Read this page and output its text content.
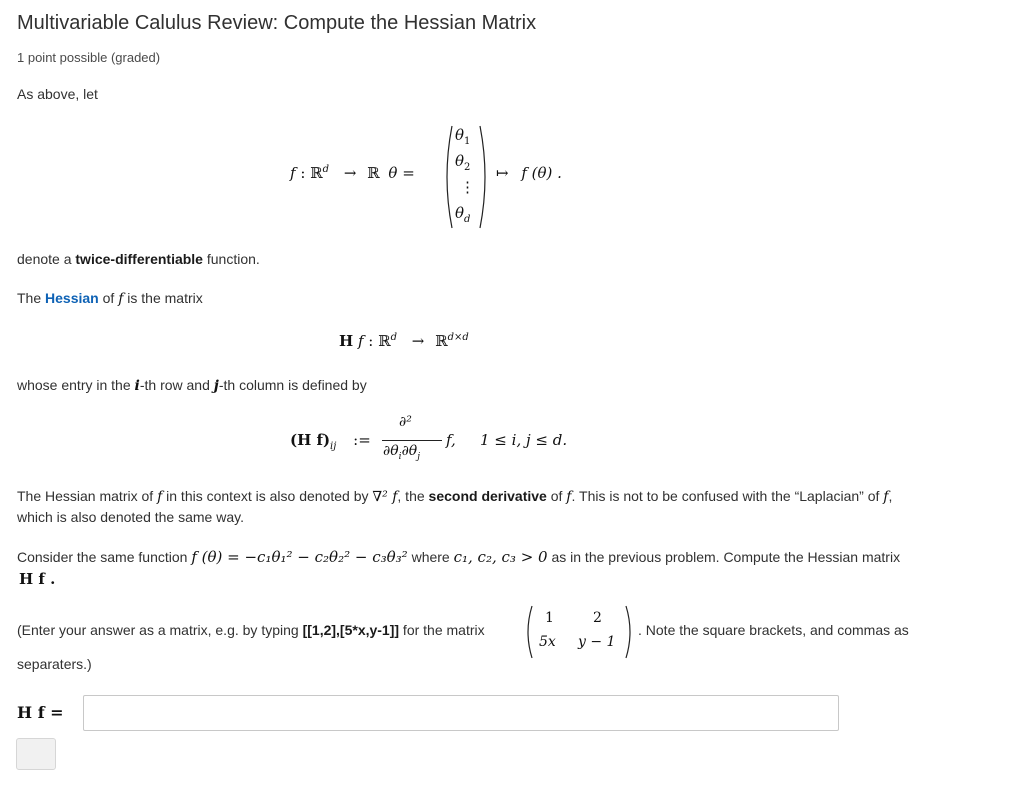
Multivariable Calulus Review: Compute the Hessian Matrix
1 point possible (graded)
As above, let
f : ℝ$^d$ → ℝ θ =
$\theta_1$
$\theta_2$
⋮
$\theta_d$
↦ f (θ) .
denote a twice-differentiable function.
The Hessian of f is the matrix
H f : ℝ$^d$ → ℝ$^{d\times d}$
whose entry in the i-th row and j-th column is defined by
(H $f)_{ij}$ :=
∂²
$\partial\theta_i\partial\theta_j$
f, 1 ≤ i, j ≤ d.
The Hessian matrix of f in this context is also denoted by ∇² f, the second derivative of f. This is not to be confused with the “Laplacian” of f,
which is also denoted the same way.
Consider the same function f (θ) = −c₁θ₁² − c₂θ₂² − c₃θ₃² where c₁, c₂, c₃ > 0 as in the previous problem. Compute the Hessian matrix
H f .
(Enter your answer as a matrix, e.g. by typing [[1,2],[5*x,y-1]] for the matrix
1	2
5x y − 1
. Note the square brackets, and commas as
separaters.)
H f =
